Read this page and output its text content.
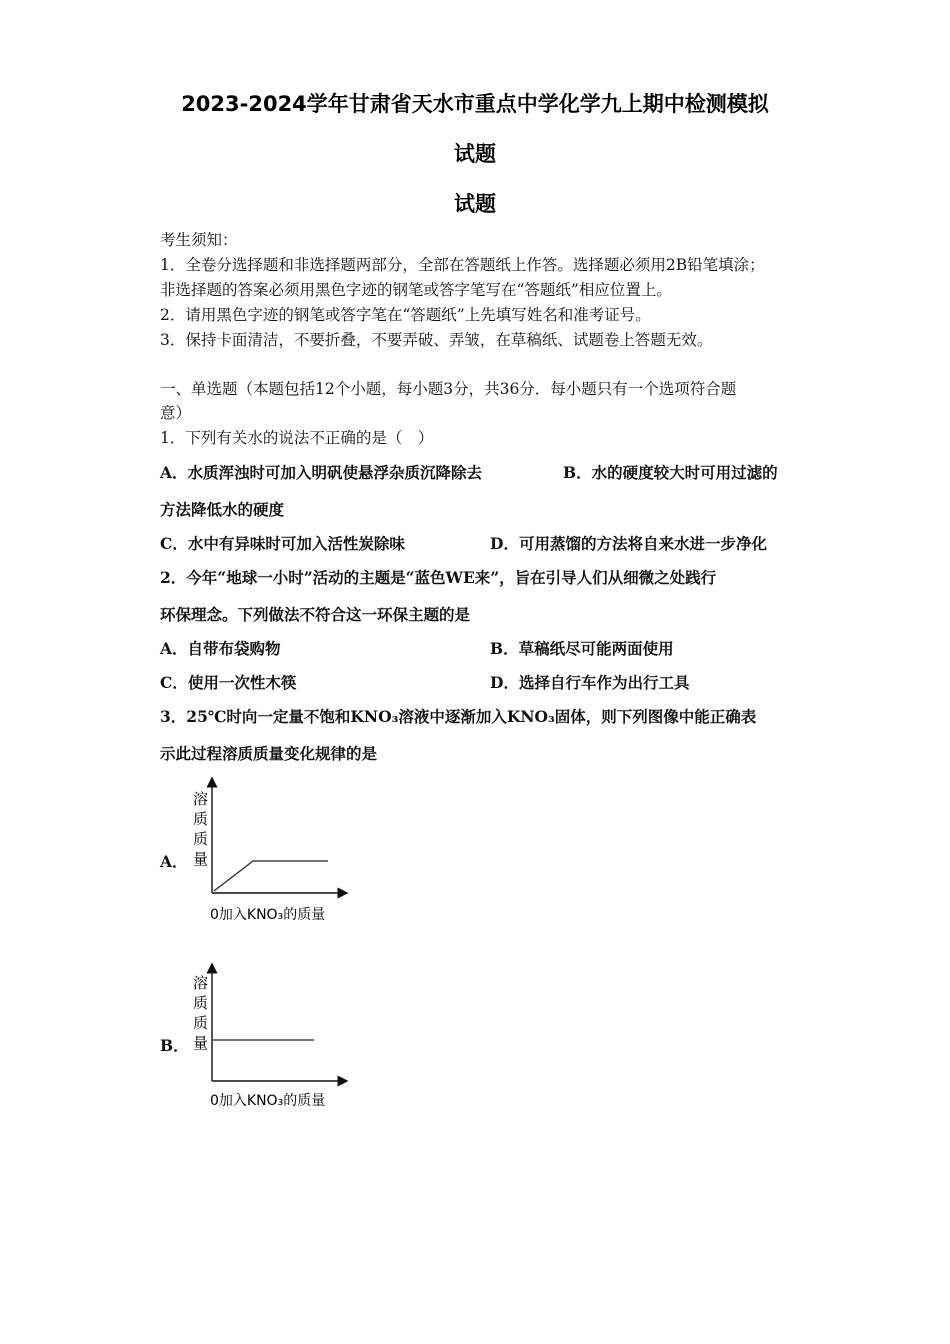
2023-2024学年甘肃省天水市重点中学化学九上期中检测模拟
试题
试题
考生须知：
1．全卷分选择题和非选择题两部分，全部在答题纸上作答。选择题必须用2B铅笔填涂；
非选择题的答案必须用黑色字迹的钢笔或答字笔写在“答题纸”相应位置上。
2．请用黑色字迹的钢笔或答字笔在“答题纸”上先填写姓名和准考证号。
3．保持卡面清洁，不要折叠，不要弄破、弄皱，在草稿纸、试题卷上答题无效。
一、单选题（本题包括12个小题，每小题3分，共36分．每小题只有一个选项符合题
意）
1．下列有关水的说法不正确的是（　）
A．水质浑浊时可加入明矾使悬浮杂质沉降除去	B．水的硬度较大时可用过滤的
方法降低水的硬度
C．水中有异味时可加入活性炭除味	D．可用蒸馏的方法将自来水进一步净化
2．今年“地球一小时”活动的主题是“蓝色WE来”，旨在引导人们从细微之处践行
环保理念。下列做法不符合这一环保主题的是
A．自带布袋购物	B．草稿纸尽可能两面使用
C．使用一次性木筷	D．选择自行车作为出行工具
3．25℃时向一定量不饱和KNO₃溶液中逐渐加入KNO₃固体，则下列图像中能正确表
示此过程溶质质量变化规律的是
A．
溶
质
质
量
0加入KNO₃的质量
B．
溶
质
质
量
0加入KNO₃的质量
